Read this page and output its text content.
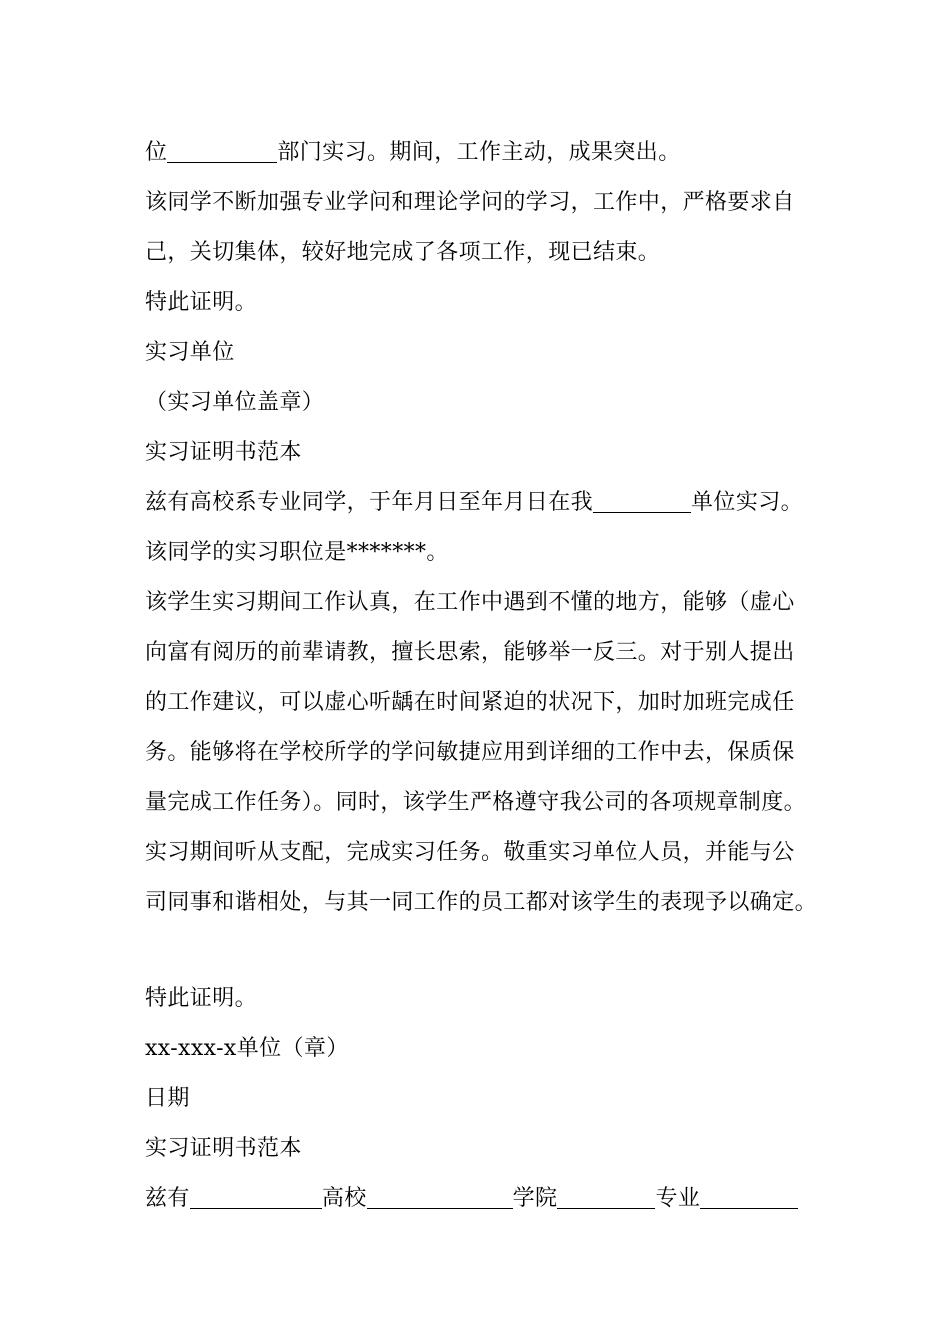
位	部门实习。期间，工作主动，成果突出。
该同学不断加强专业学问和理论学问的学习，工作中，严格要求自
己，关切集体，较好地完成了各项工作，现已结束。
特此证明。
实习单位
（实习单位盖章）
实习证明书范本
兹有高校系专业同学，于年月日至年月日在我	单位实习。
该同学的实习职位是*******。
该学生实习期间工作认真，在工作中遇到不懂的地方，能够（虚心
向富有阅历的前辈请教，擅长思索，能够举一反三。对于别人提出
的工作建议，可以虚心听龋在时间紧迫的状况下，加时加班完成任
务。能够将在学校所学的学问敏捷应用到详细的工作中去，保质保
量完成工作任务）。同时，该学生严格遵守我公司的各项规章制度。
实习期间听从支配，完成实习任务。敬重实习单位人员，并能与公
司同事和谐相处，与其一同工作的员工都对该学生的表现予以确定。
特此证明。
xx-xxx-x单位（章）
日期
实习证明书范本
兹有	高校	学院	专业
